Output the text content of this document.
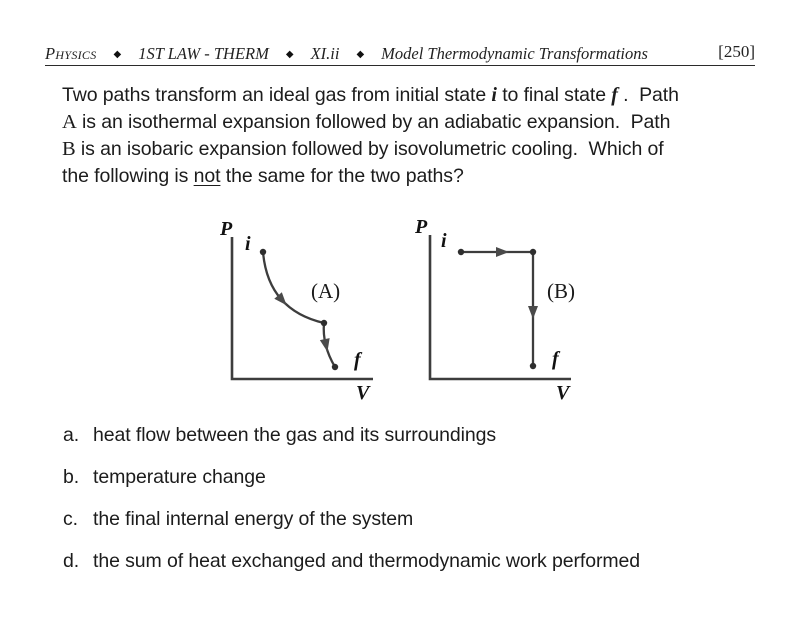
Physics ◆ 1ST LAW - THERM ◆ XI.ii ◆ Model Thermodynamic Transformations	[250]
Two paths transform an ideal gas from initial state i to final state f .  Path
A is an isothermal expansion followed by an adiabatic expansion.  Path
B is an isobaric expansion followed by isovolumetric cooling.  Which of
the following is not the same for the two paths?
P
V
i
f
(A)
P
V
i
f
(B)
a. heat flow between the gas and its surroundings
b. temperature change
c. the final internal energy of the system
d. the sum of heat exchanged and thermodynamic work performed
